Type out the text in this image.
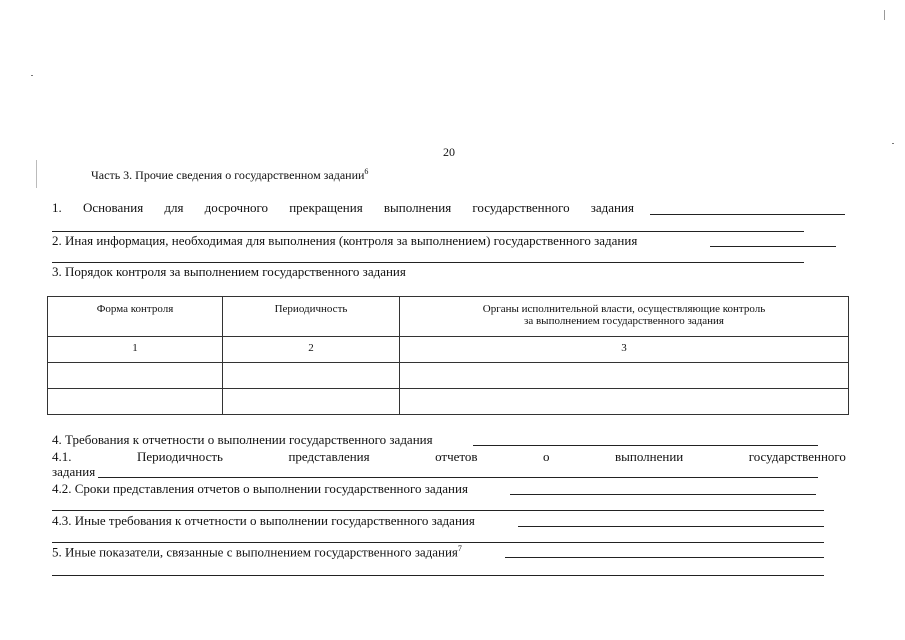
20
Часть 3. Прочие сведения о государственном задании$^6$
1. Основания для досрочного прекращения выполнения государственного задания
2. Иная информация, необходимая для выполнения (контроля за выполнением) государственного задания
3. Порядок контроля за выполнением государственного задания
Форма контроля	Периодичность	Органы исполнительной власти, осуществляющие контроль
за выполнением государственного задания

1	2	3

4. Требования к отчетности о выполнении государственного задания
4.1.	Периодичность	представления	отчетов	о	выполнении	государственного
задания
4.2. Сроки представления отчетов о выполнении государственного задания
4.3. Иные требования к отчетности о выполнении государственного задания
5. Иные показатели, связанные с выполнением государственного задания$^7$
